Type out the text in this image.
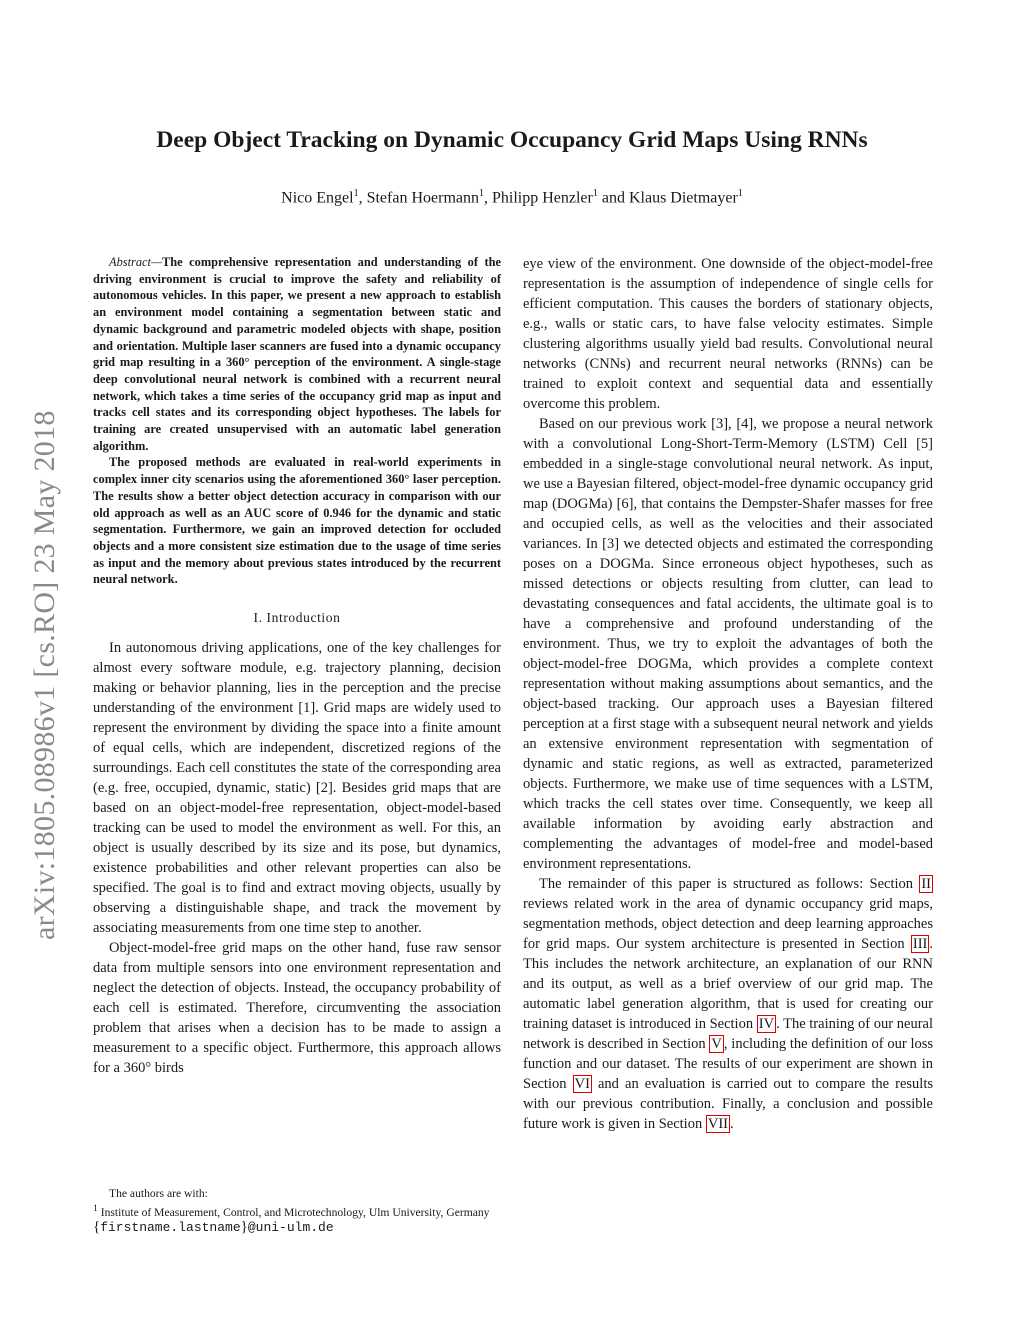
arXiv:1805.08986v1 [cs.RO] 23 May 2018
Deep Object Tracking on Dynamic Occupancy Grid Maps Using RNNs
Nico Engel$^1$, Stefan Hoermann$^1$, Philipp Henzler$^1$ and Klaus Dietmayer$^1$

Abstract—The comprehensive representation and understanding of the driving environment is crucial to improve the safety and reliability of autonomous vehicles. In this paper, we present a new approach to establish an environment model containing a segmentation between static and dynamic background and parametric modeled objects with shape, position and orientation. Multiple laser scanners are fused into a dynamic occupancy grid map resulting in a 360° perception of the environment. A single-stage deep convolutional neural network is combined with a recurrent neural network, which takes a time series of the occupancy grid map as input and tracks cell states and its corresponding object hypotheses. The labels for training are created unsupervised with an automatic label generation algorithm.

The proposed methods are evaluated in real-world experiments in complex inner city scenarios using the aforementioned 360° laser perception. The results show a better object detection accuracy in comparison with our old approach as well as an AUC score of 0.946 for the dynamic and static segmentation. Furthermore, we gain an improved detection for occluded objects and a more consistent size estimation due to the usage of time series as input and the memory about previous states introduced by the recurrent neural network.

I. Introduction

In autonomous driving applications, one of the key challenges for almost every software module, e.g. trajectory planning, decision making or behavior planning, lies in the perception and the precise understanding of the environment [1]. Grid maps are widely used to represent the environment by dividing the space into a finite amount of equal cells, which are independent, discretized regions of the surroundings. Each cell constitutes the state of the corresponding area (e.g. free, occupied, dynamic, static) [2]. Besides grid maps that are based on an object-model-free representation, object-model-based tracking can be used to model the environment as well. For this, an object is usually described by its size and its pose, but dynamics, existence probabilities and other relevant properties can also be specified. The goal is to find and extract moving objects, usually by observing a distinguishable shape, and track the movement by associating measurements from one time step to another.

Object-model-free grid maps on the other hand, fuse raw sensor data from multiple sensors into one environment representation and neglect the detection of objects. Instead, the occupancy probability of each cell is estimated. Therefore, circumventing the association problem that arises when a decision has to be made to assign a measurement to a specific object. Furthermore, this approach allows for a 360° birds

The authors are with:
$^1$ Institute of Measurement, Control, and Microtechnology, Ulm University, Germany {firstname.lastname}@uni-ulm.de

eye view of the environment. One downside of the object-model-free representation is the assumption of independence of single cells for efficient computation. This causes the borders of stationary objects, e.g., walls or static cars, to have false velocity estimates. Simple clustering algorithms usually yield bad results. Convolutional neural networks (CNNs) and recurrent neural networks (RNNs) can be trained to exploit context and sequential data and essentially overcome this problem.

Based on our previous work [3], [4], we propose a neural network with a convolutional Long-Short-Term-Memory (LSTM) Cell [5] embedded in a single-stage convolutional neural network. As input, we use a Bayesian filtered, object-model-free dynamic occupancy grid map (DOGMa) [6], that contains the Dempster-Shafer masses for free and occupied cells, as well as the velocities and their associated variances. In [3] we detected objects and estimated the corresponding poses on a DOGMa. Since erroneous object hypotheses, such as missed detections or objects resulting from clutter, can lead to devastating consequences and fatal accidents, the ultimate goal is to have a comprehensive and profound understanding of the environment. Thus, we try to exploit the advantages of both the object-model-free DOGMa, which provides a complete context representation without making assumptions about semantics, and the object-based tracking. Our approach uses a Bayesian filtered perception at a first stage with a subsequent neural network and yields an extensive environment representation with segmentation of dynamic and static regions, as well as extracted, parameterized objects. Furthermore, we make use of time sequences with a LSTM, which tracks the cell states over time. Consequently, we keep all available information by avoiding early abstraction and complementing the advantages of model-free and model-based environment representations.

The remainder of this paper is structured as follows: Section II reviews related work in the area of dynamic occupancy grid maps, segmentation methods, object detection and deep learning approaches for grid maps. Our system architecture is presented in Section III . This includes the network architecture, an explanation of our RNN and its output, as well as a brief overview of our grid map. The automatic label generation algorithm, that is used for creating our training dataset is introduced in Section IV . The training of our neural network is described in Section V , including the definition of our loss function and our dataset. The results of our experiment are shown in Section VI and an evaluation is carried out to compare the results with our previous contribution. Finally, a conclusion and possible future work is given in Section VII .
